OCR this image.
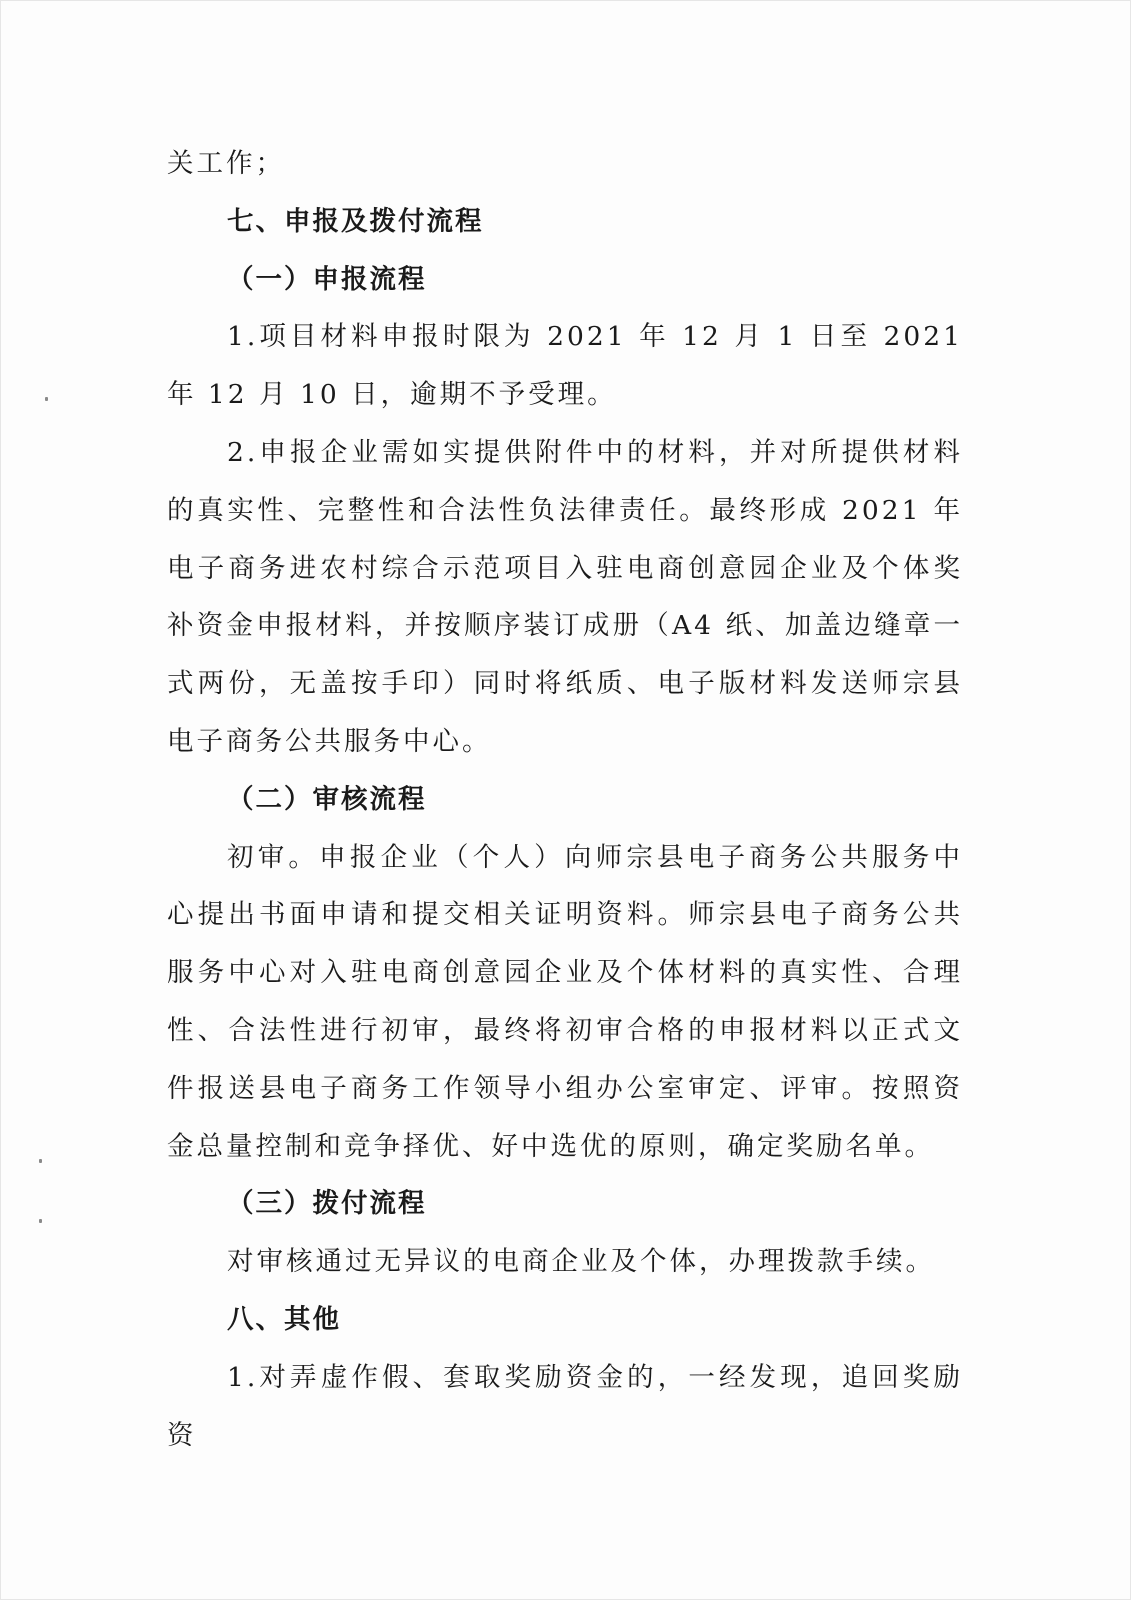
关工作；

七、申报及拨付流程

（一）申报流程

1.项目材料申报时限为 2021 年 12 月 1 日至 2021 年 12 月 10 日，逾期不予受理。

2.申报企业需如实提供附件中的材料，并对所提供材料的真实性、完整性和合法性负法律责任。最终形成 2021 年电子商务进农村综合示范项目入驻电商创意园企业及个体奖补资金申报材料，并按顺序装订成册（A4 纸、加盖边缝章一式两份，无盖按手印）同时将纸质、电子版材料发送师宗县电子商务公共服务中心。

（二）审核流程

初审。申报企业（个人）向师宗县电子商务公共服务中心提出书面申请和提交相关证明资料。师宗县电子商务公共服务中心对入驻电商创意园企业及个体材料的真实性、合理性、合法性进行初审，最终将初审合格的申报材料以正式文件报送县电子商务工作领导小组办公室审定、评审。按照资金总量控制和竞争择优、好中选优的原则，确定奖励名单。

（三）拨付流程

对审核通过无异议的电商企业及个体，办理拨款手续。

八、其他

1.对弄虚作假、套取奖励资金的，一经发现，追回奖励资
